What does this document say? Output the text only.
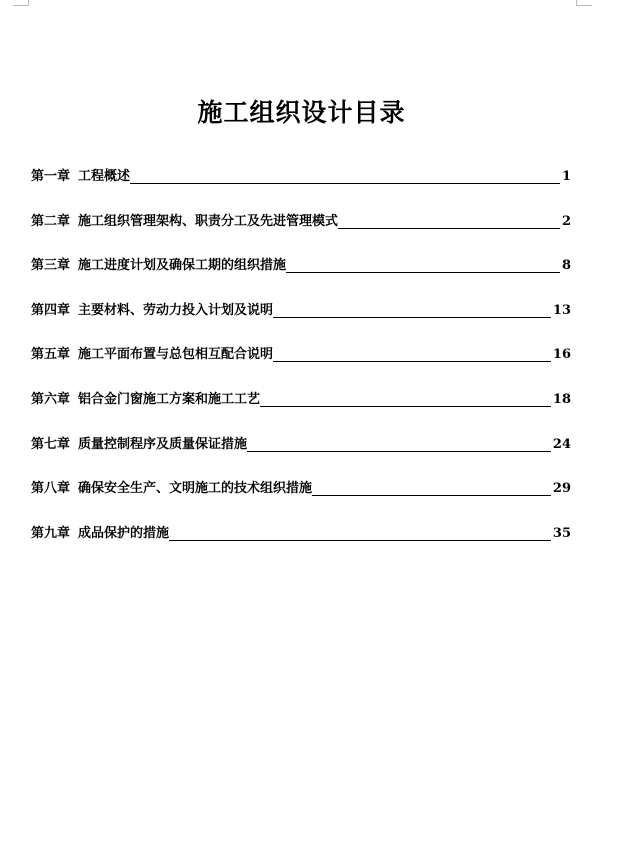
施工组织设计目录
第一章 工程概述	1
第二章 施工组织管理架构、职责分工及先进管理模式	2
第三章 施工进度计划及确保工期的组织措施	8
第四章 主要材料、劳动力投入计划及说明	13
第五章 施工平面布置与总包相互配合说明	16
第六章 铝合金门窗施工方案和施工工艺	18
第七章 质量控制程序及质量保证措施	24
第八章 确保安全生产、文明施工的技术组织措施	29
第九章 成品保护的措施	35
